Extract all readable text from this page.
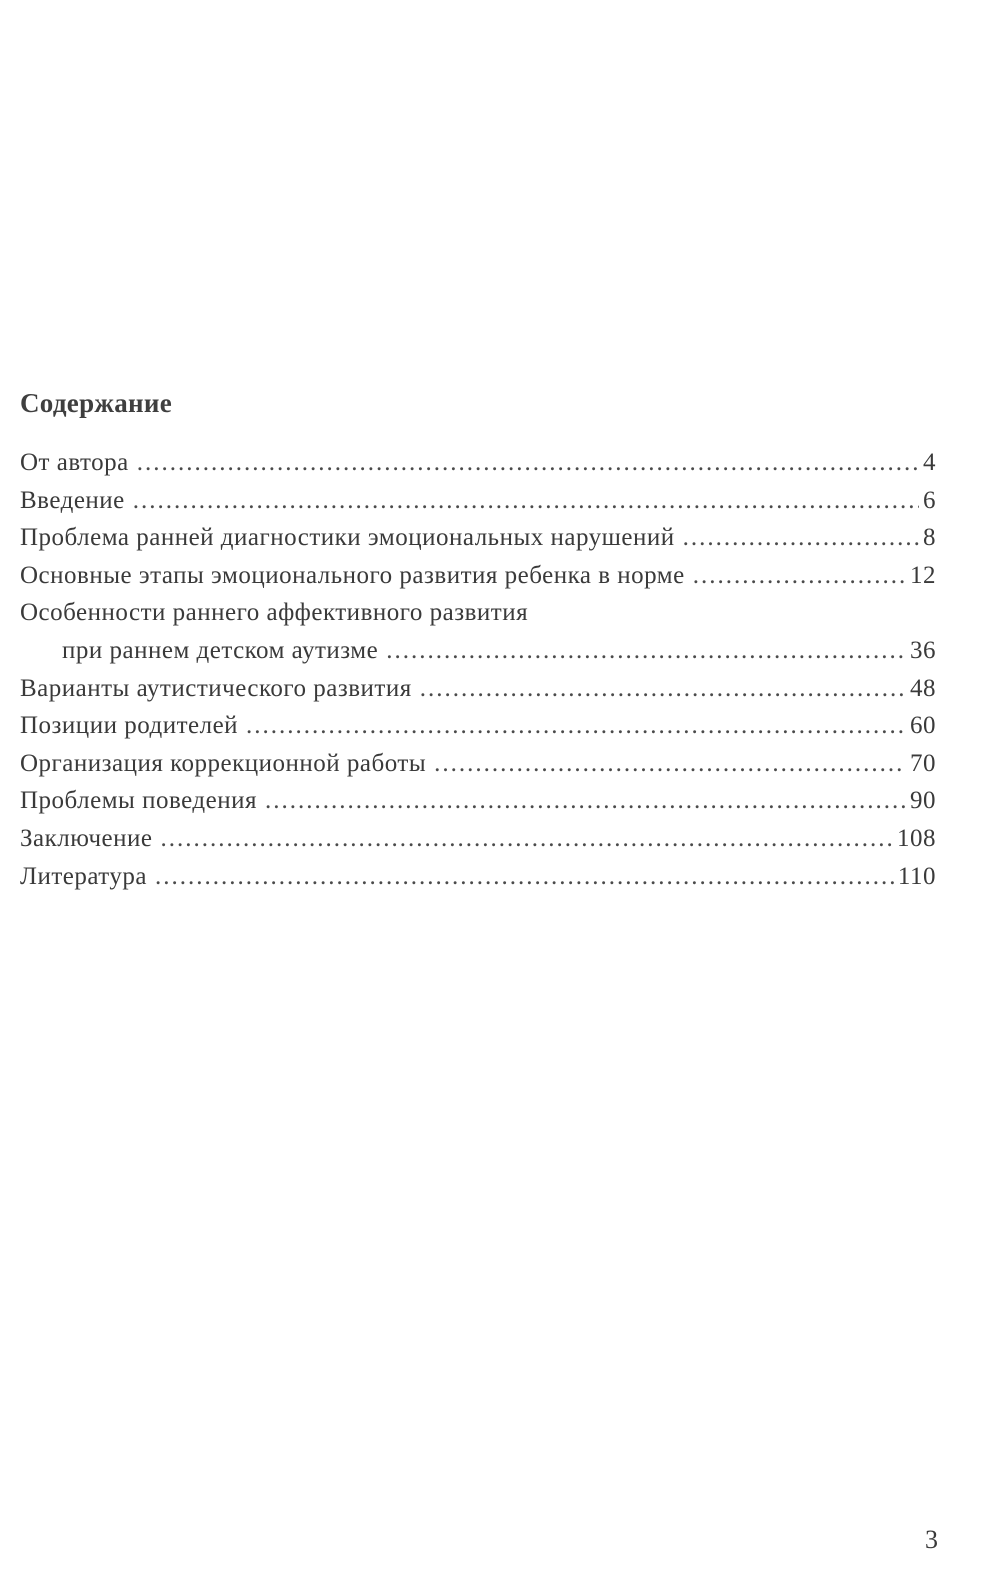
Содержание
От автора .....	4
Введение .....	6
Проблема ранней диагностики эмоциональных нарушений .....	8
Основные этапы эмоционального развития ребенка в норме .....	12
Особенности раннего аффективного развития
при раннем детском аутизме .....	36
Варианты аутистического развития .....	48
Позиции родителей .....	60
Организация коррекционной работы .....	70
Проблемы поведения .....	90
Заключение .....	108
Литература .....	110
3
